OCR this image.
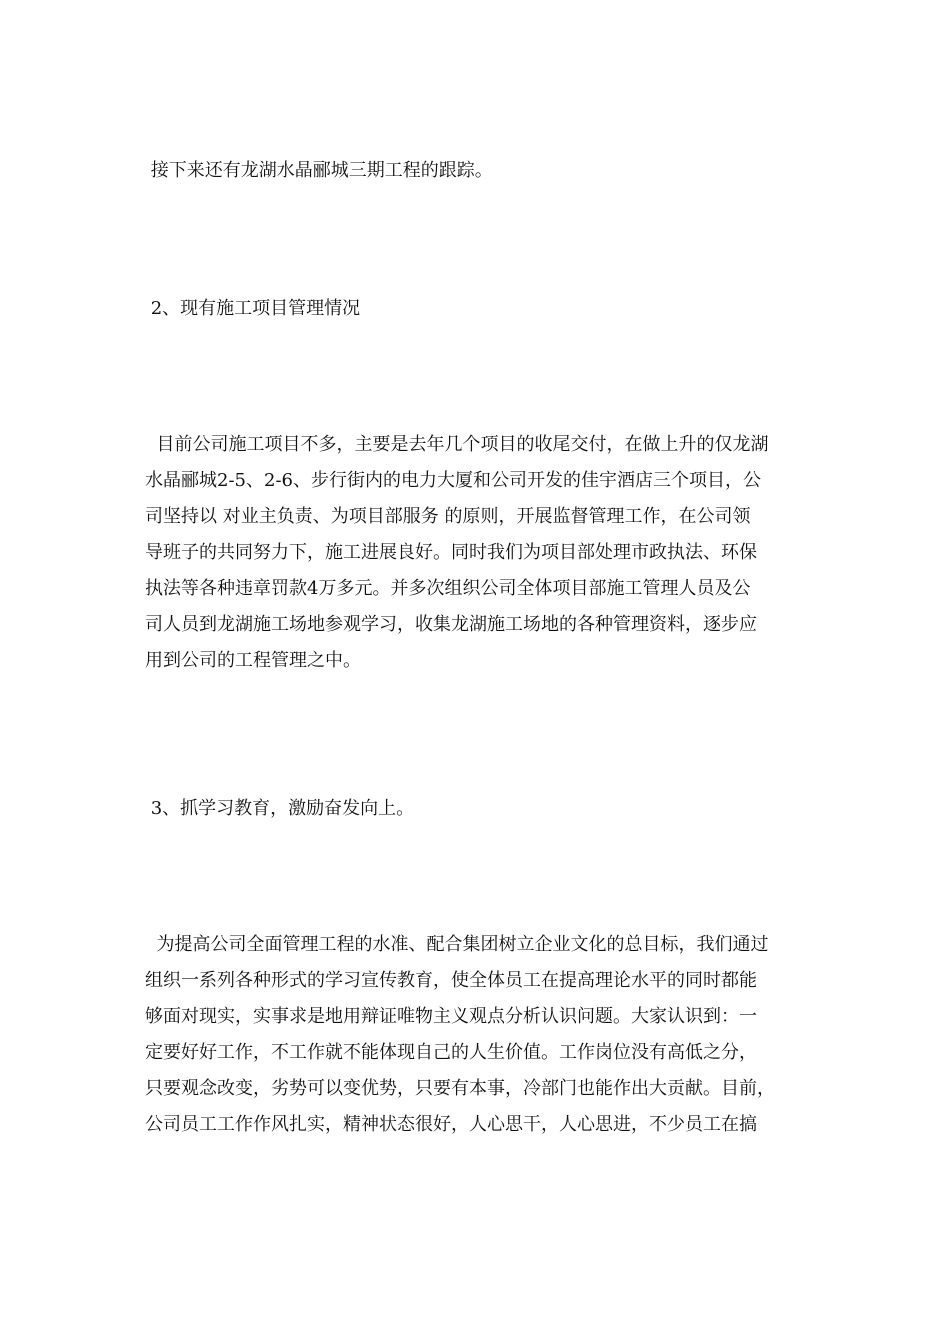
接下来还有龙湖水晶郦城三期工程的跟踪。

2、现有施工项目管理情况

目前公司施工项目不多，主要是去年几个项目的收尾交付，在做上升的仅龙湖
水晶郦城2-5、2-6、步行街内的电力大厦和公司开发的佳宇酒店三个项目，公
司坚持以 对业主负责、为项目部服务 的原则，开展监督管理工作，在公司领
导班子的共同努力下，施工进展良好。同时我们为项目部处理市政执法、环保
执法等各种违章罚款4万多元。并多次组织公司全体项目部施工管理人员及公
司人员到龙湖施工场地参观学习，收集龙湖施工场地的各种管理资料，逐步应
用到公司的工程管理之中。

3、抓学习教育，激励奋发向上。

为提高公司全面管理工程的水准、配合集团树立企业文化的总目标，我们通过
组织一系列各种形式的学习宣传教育，使全体员工在提高理论水平的同时都能
够面对现实，实事求是地用辩证唯物主义观点分析认识问题。大家认识到：一
定要好好工作，不工作就不能体现自己的人生价值。工作岗位没有高低之分，
只要观念改变，劣势可以变优势，只要有本事，冷部门也能作出大贡献。目前，
公司员工工作作风扎实，精神状态很好，人心思干，人心思进，不少员工在搞
